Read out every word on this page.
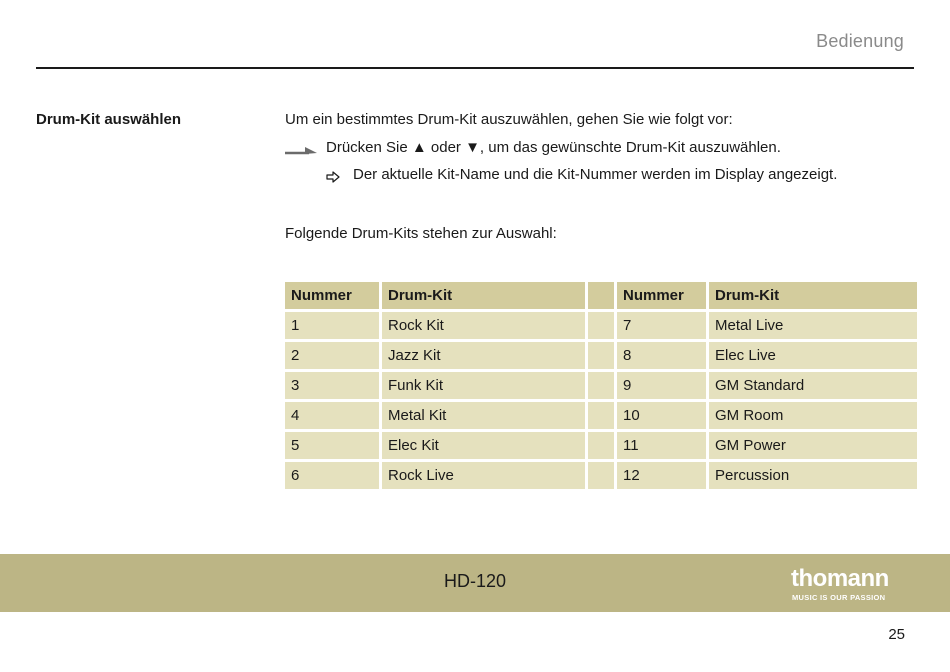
Bedienung
Drum-Kit auswählen	Um ein bestimmtes Drum-Kit auszuwählen, gehen Sie wie folgt vor:
Drücken Sie ▲ oder ▼, um das gewünschte Drum-Kit auszuwählen.
Der aktuelle Kit-Name und die Kit-Nummer werden im Display angezeigt.
Folgende Drum-Kits stehen zur Auswahl:
Nummer	Drum-Kit		Nummer	Drum-Kit
1	Rock Kit		7	Metal Live
2	Jazz Kit		8	Elec Live
3	Funk Kit		9	GM Standard
4	Metal Kit		10	GM Room
5	Elec Kit		11	GM Power
6	Rock Live		12	Percussion
HD-120	thomann
MUSIC IS OUR PASSION
25
